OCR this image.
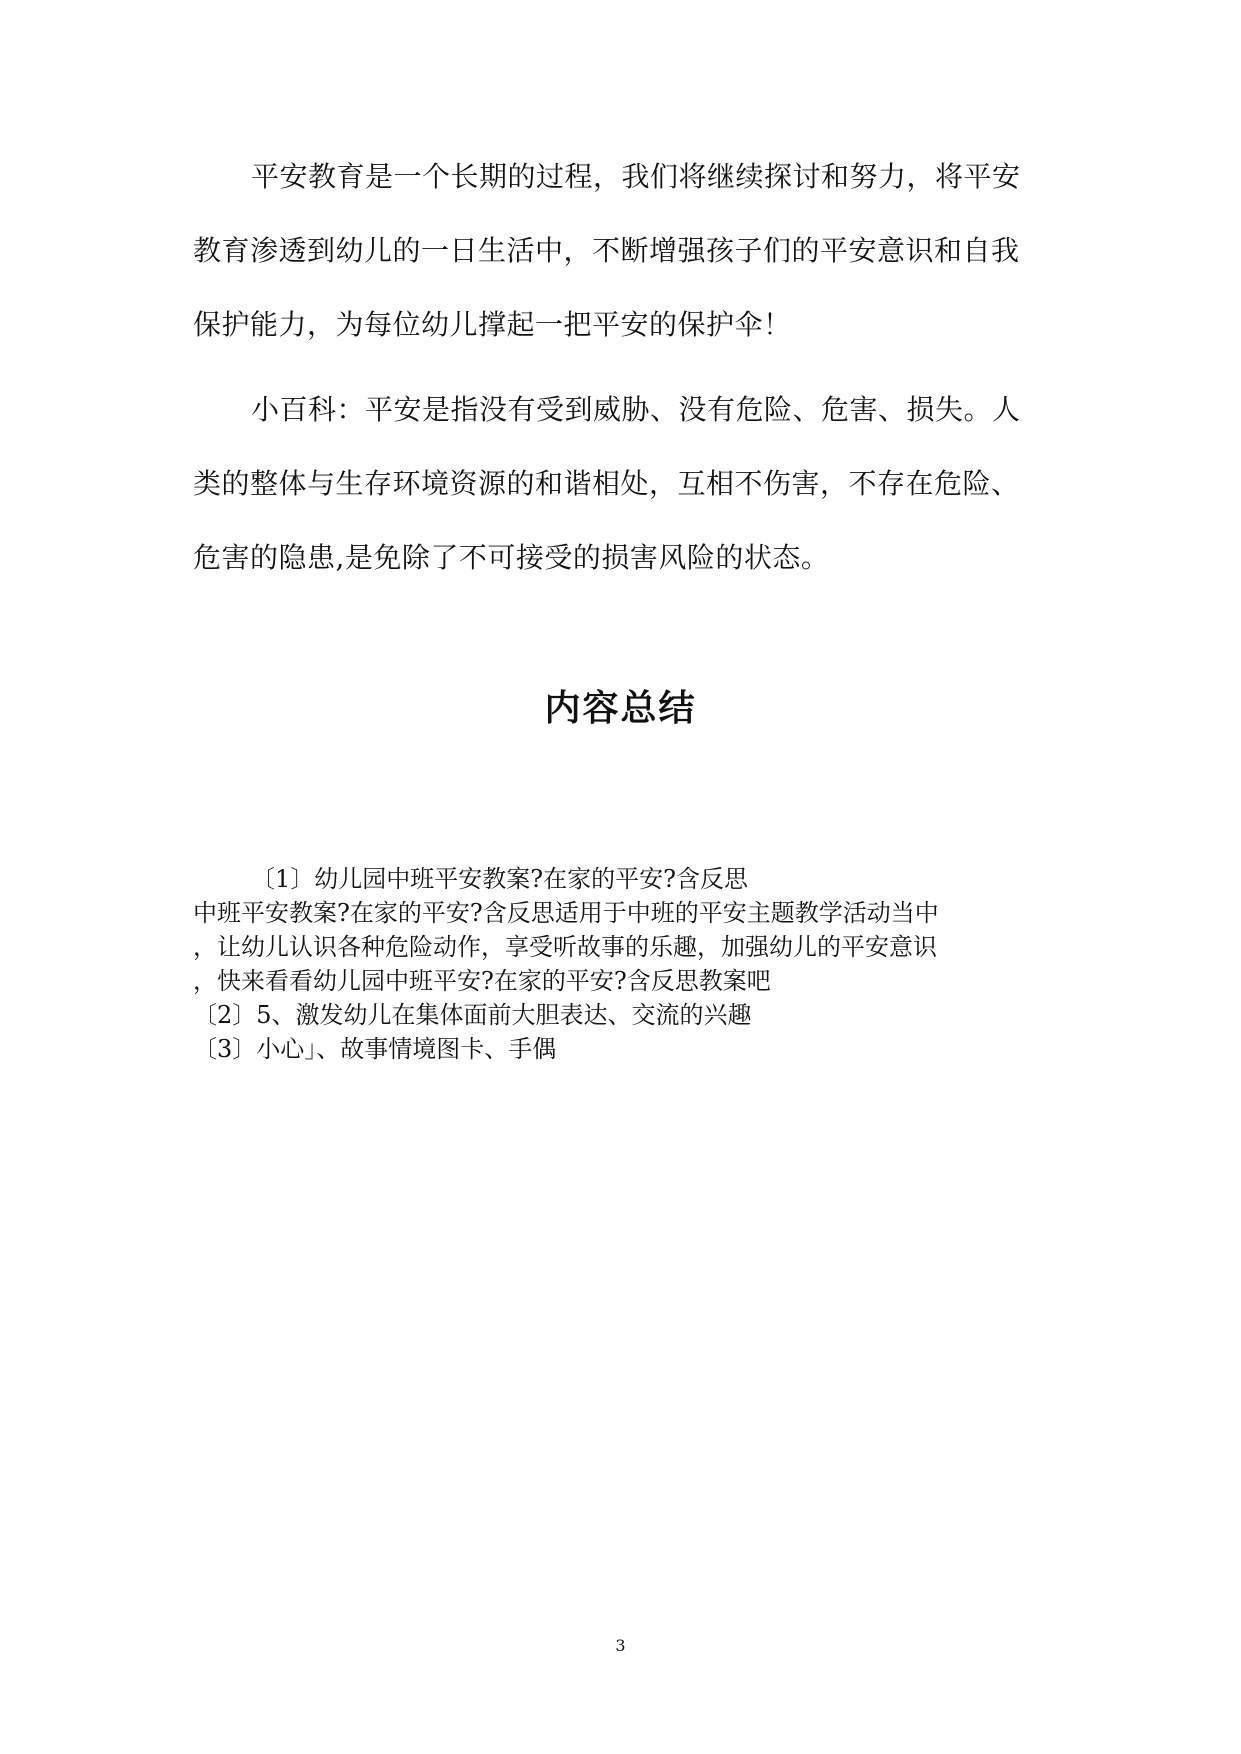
平安教育是一个长期的过程，我们将继续探讨和努力，将平安
教育渗透到幼儿的一日生活中，不断增强孩子们的平安意识和自我
保护能力，为每位幼儿撑起一把平安的保护伞！

小百科：平安是指没有受到威胁、没有危险、危害、损失。人
类的整体与生存环境资源的和谐相处，互相不伤害，不存在危险、
危害的隐患,是免除了不可接受的损害风险的状态。

内容总结
〔1〕幼儿园中班平安教案?在家的平安?含反思
中班平安教案?在家的平安?含反思适用于中班的平安主题教学活动当中
，让幼儿认识各种危险动作，享受听故事的乐趣，加强幼儿的平安意识
，快来看看幼儿园中班平安?在家的平安?含反思教案吧
〔2〕5、激发幼儿在集体面前大胆表达、交流的兴趣
〔3〕小心」、故事情境图卡、手偶
3
